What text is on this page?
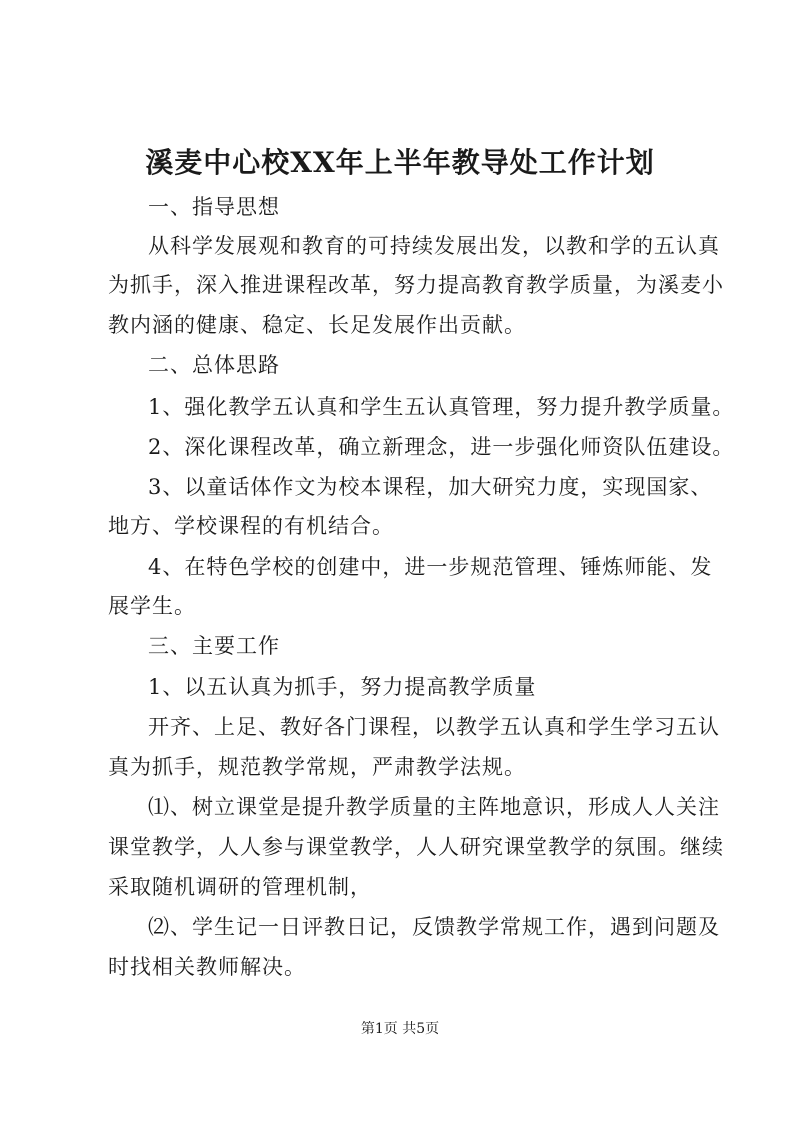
溪麦中心校XX年上半年教导处工作计划
一、指导思想
从科学发展观和教育的可持续发展出发，以教和学的五认真
为抓手，深入推进课程改革，努力提高教育教学质量，为溪麦小
教内涵的健康、稳定、长足发展作出贡献。
二、总体思路
1、强化教学五认真和学生五认真管理，努力提升教学质量。
2、深化课程改革，确立新理念，进一步强化师资队伍建设。
3、以童话体作文为校本课程，加大研究力度，实现国家、
地方、学校课程的有机结合。
4、在特色学校的创建中，进一步规范管理、锤炼师能、发
展学生。
三、主要工作
1、以五认真为抓手，努力提高教学质量
开齐、上足、教好各门课程，以教学五认真和学生学习五认
真为抓手，规范教学常规，严肃教学法规。
⑴、树立课堂是提升教学质量的主阵地意识，形成人人关注
课堂教学，人人参与课堂教学，人人研究课堂教学的氛围。继续
采取随机调研的管理机制，
⑵、学生记一日评教日记，反馈教学常规工作，遇到问题及
时找相关教师解决。
第1页 共5页
